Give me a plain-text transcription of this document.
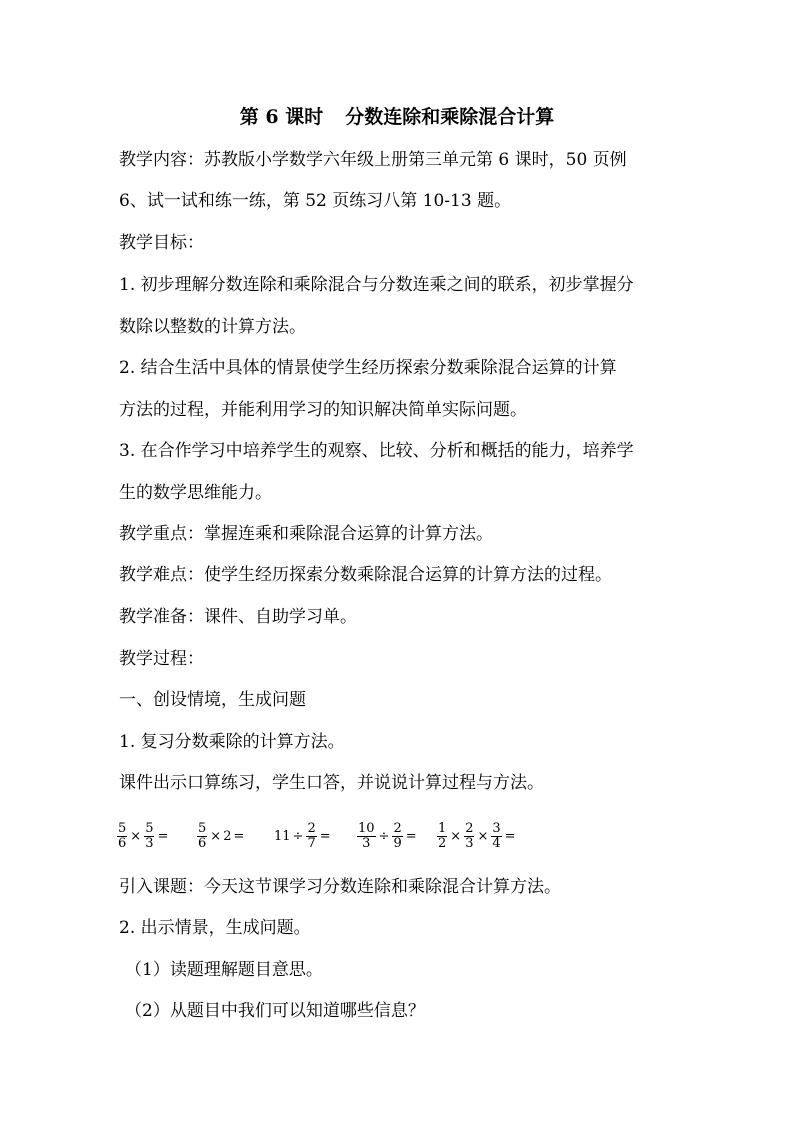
第 6 课时 分数连除和乘除混合计算
教学内容：苏教版小学数学六年级上册第三单元第 6 课时，50 页例
6、试一试和练一练，第 52 页练习八第 10-13 题。
教学目标：
1. 初步理解分数连除和乘除混合与分数连乘之间的联系，初步掌握分
数除以整数的计算方法。
2. 结合生活中具体的情景使学生经历探索分数乘除混合运算的计算
方法的过程，并能利用学习的知识解决简单实际问题。
3. 在合作学习中培养学生的观察、比较、分析和概括的能力，培养学
生的数学思维能力。
教学重点：掌握连乘和乘除混合运算的计算方法。
教学难点：使学生经历探索分数乘除混合运算的计算方法的过程。
教学准备：课件、自助学习单。
教学过程：
一、创设情境，生成问题
1. 复习分数乘除的计算方法。
课件出示口算练习，学生口答，并说说计算过程与方法。
$\frac{5}{6} \times \frac{5}{3} = \frac{5}{6} \times 2 = 11 \div \frac{2}{7} = \frac{10}{3} \div \frac{2}{9} = \frac{1}{2} \times \frac{2}{3} \times \frac{3}{4}$ =
引入课题：今天这节课学习分数连除和乘除混合计算方法。
2. 出示情景，生成问题。
（1）读题理解题目意思。
（2）从题目中我们可以知道哪些信息？
